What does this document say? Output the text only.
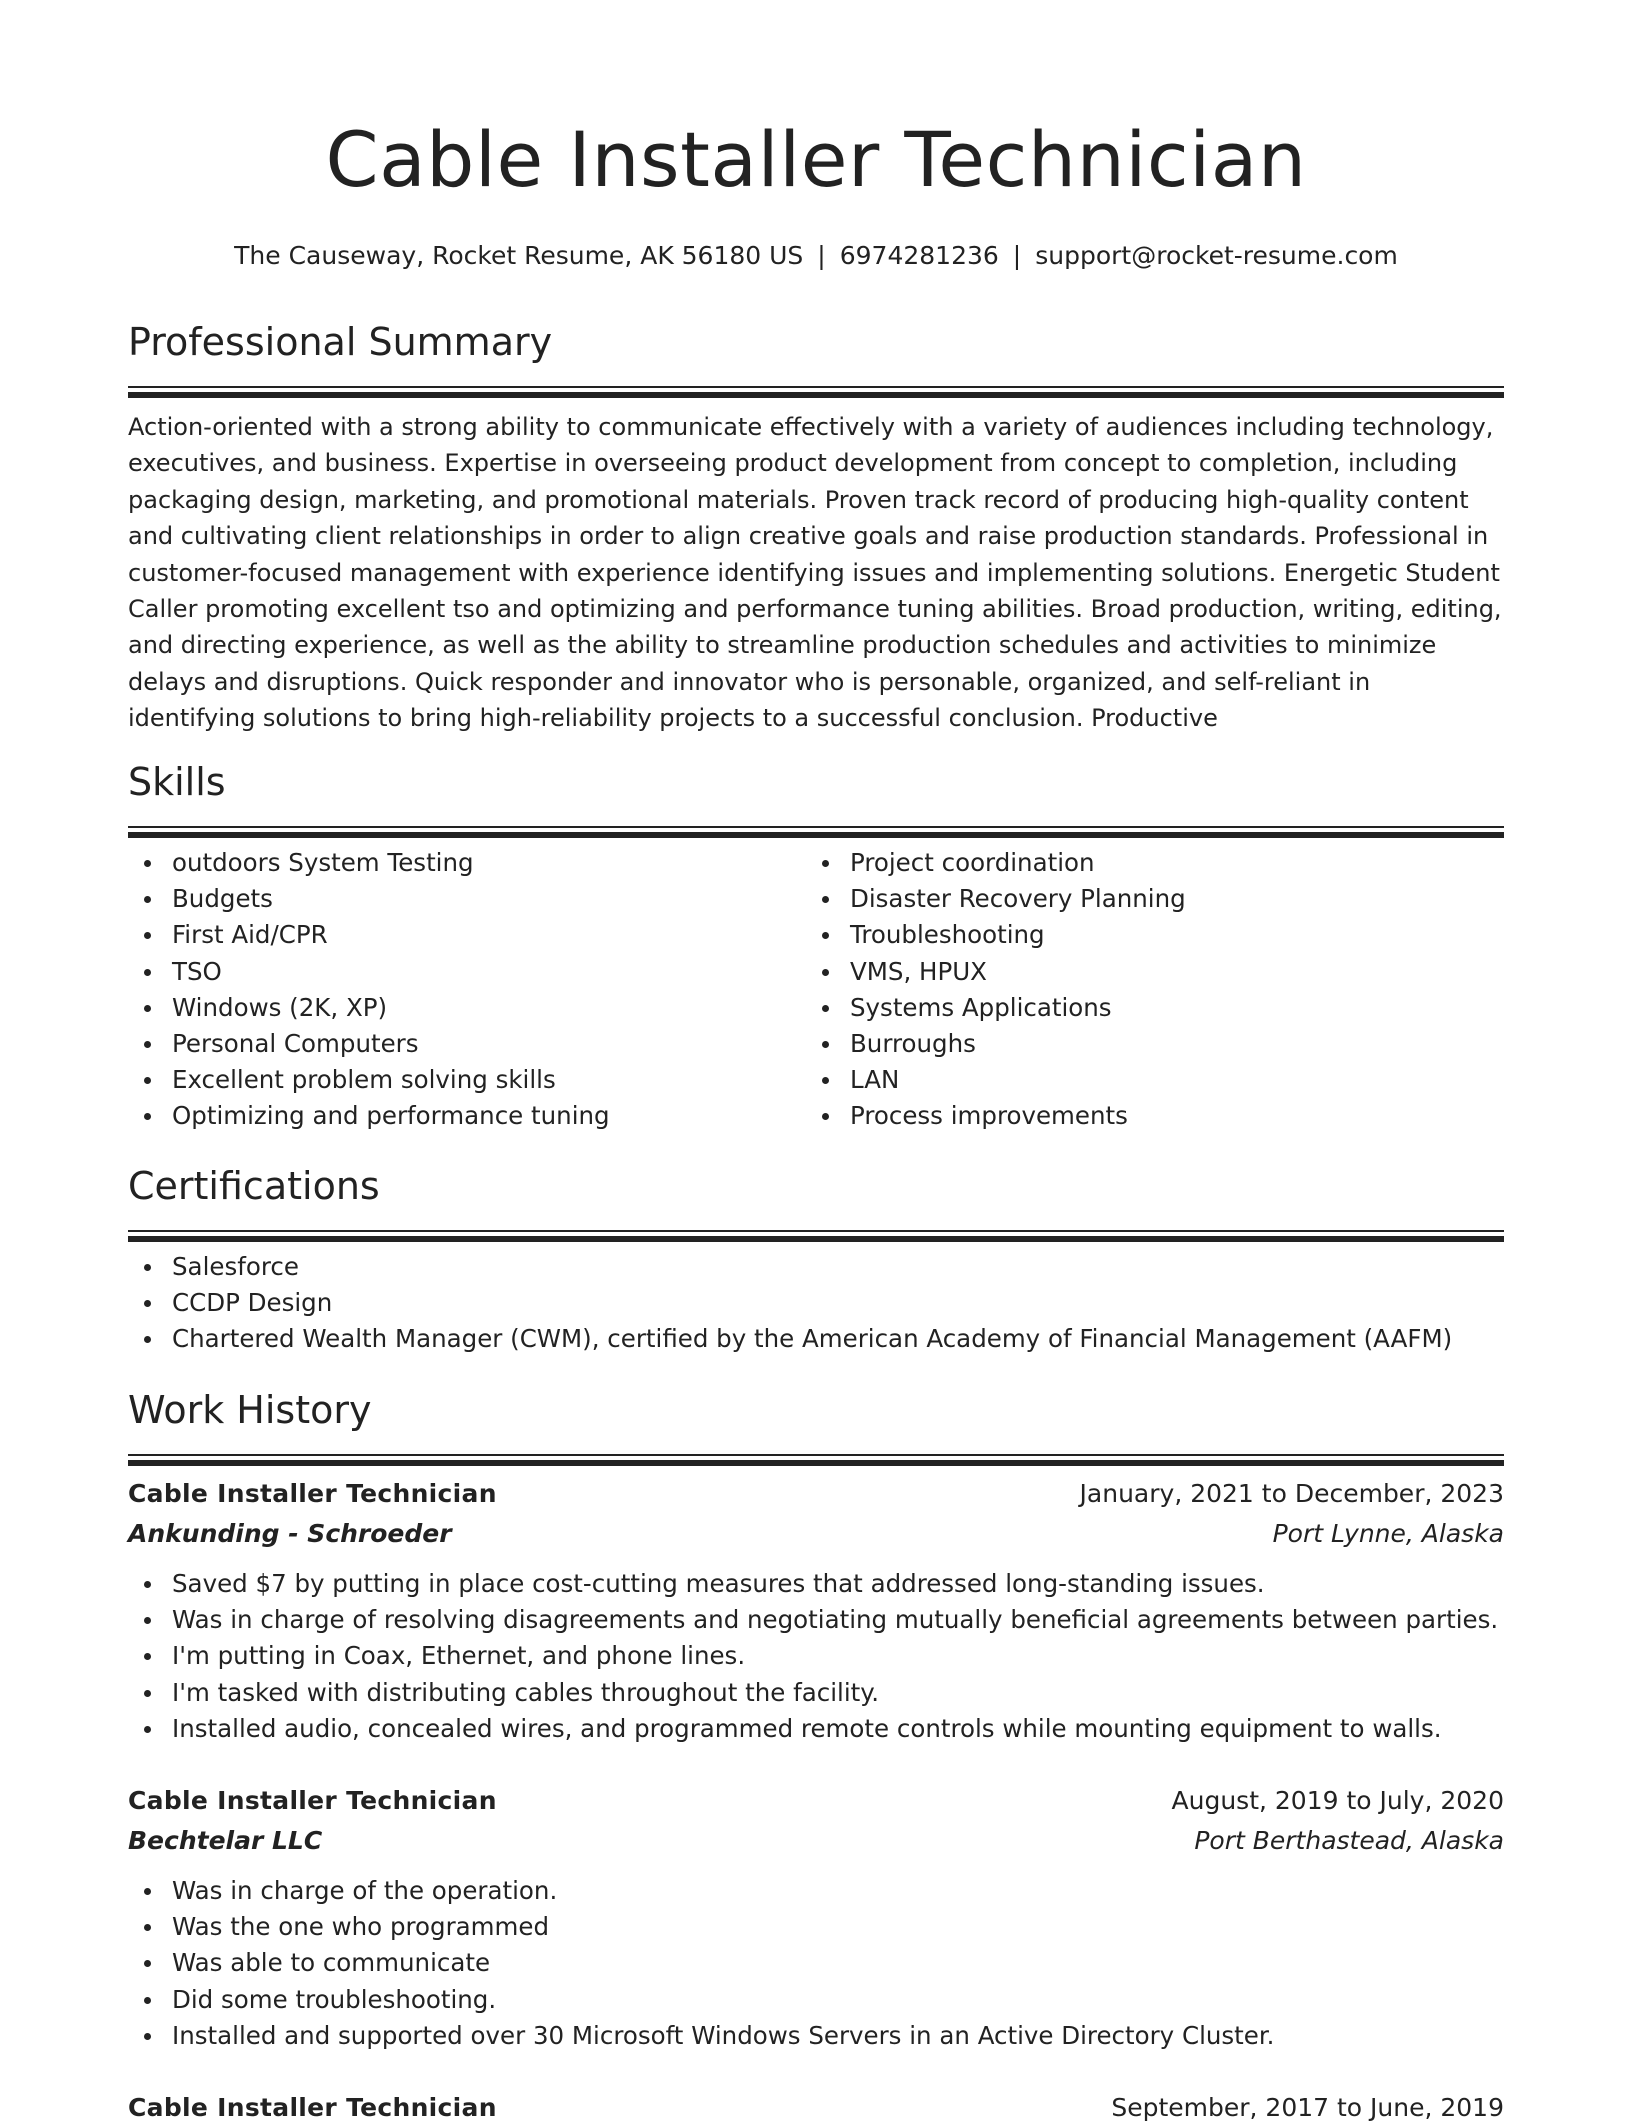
Cable Installer Technician
The Causeway, Rocket Resume, AK 56180 US | 6974281236 | support@rocket-resume.com
Professional Summary

Action-oriented with a strong ability to communicate effectively with a variety of audiences including technology, executives, and business. Expertise in overseeing product development from concept to completion, including packaging design, marketing, and promotional materials. Proven track record of producing high-quality content and cultivating client relationships in order to align creative goals and raise production standards. Professional in customer-focused management with experience identifying issues and implementing solutions. Energetic Student Caller promoting excellent tso and optimizing and performance tuning abilities. Broad production, writing, editing, and directing experience, as well as the ability to streamline production schedules and activities to minimize delays and disruptions. Quick responder and innovator who is personable, organized, and self-reliant in identifying solutions to bring high-reliability projects to a successful conclusion. Productive

Skills
outdoors System Testing
Budgets
First Aid/CPR
TSO
Windows (2K, XP)
Personal Computers
Excellent problem solving skills
Optimizing and performance tuning
Project coordination
Disaster Recovery Planning
Troubleshooting
VMS, HPUX
Systems Applications
Burroughs
LAN
Process improvements
Certifications
Salesforce
CCDP Design
Chartered Wealth Manager (CWM), certified by the American Academy of Financial Management (AAFM)
Work History
Cable Installer Technician	January, 2021 to December, 2023
Ankunding - Schroeder	Port Lynne, Alaska
Saved $7 by putting in place cost-cutting measures that addressed long-standing issues.
Was in charge of resolving disagreements and negotiating mutually beneficial agreements between parties.
I'm putting in Coax, Ethernet, and phone lines.
I'm tasked with distributing cables throughout the facility.
Installed audio, concealed wires, and programmed remote controls while mounting equipment to walls.
Cable Installer Technician	August, 2019 to July, 2020
Bechtelar LLC	Port Berthastead, Alaska
Was in charge of the operation.
Was the one who programmed
Was able to communicate
Did some troubleshooting.
Installed and supported over 30 Microsoft Windows Servers in an Active Directory Cluster.
Cable Installer Technician	September, 2017 to June, 2019
